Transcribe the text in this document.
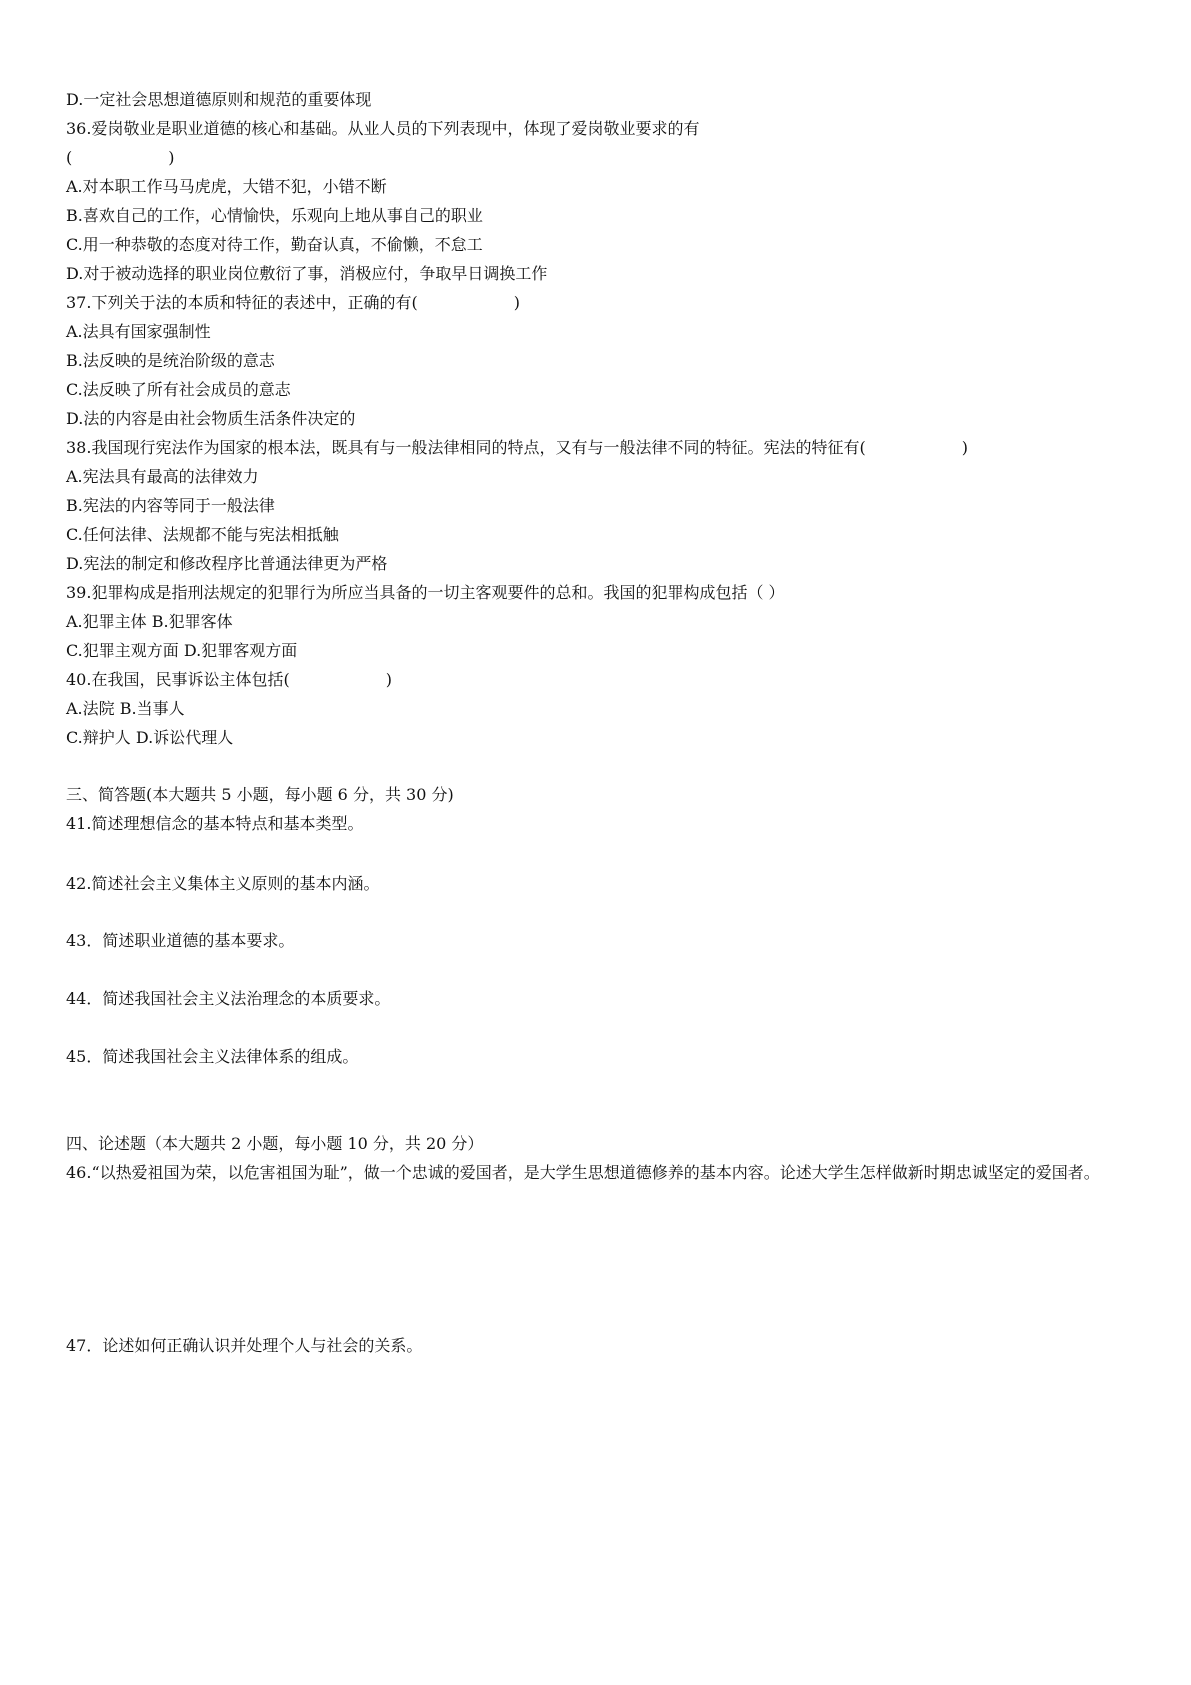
D.一定社会思想道德原则和规范的重要体现
36.爱岗敬业是职业道德的核心和基础。从业人员的下列表现中，体现了爱岗敬业要求的有
(　　　　　　)
A.对本职工作马马虎虎，大错不犯，小错不断
B.喜欢自己的工作，心情愉快，乐观向上地从事自己的职业
C.用一种恭敬的态度对待工作，勤奋认真，不偷懒，不怠工
D.对于被动选择的职业岗位敷衍了事，消极应付，争取早日调换工作
37.下列关于法的本质和特征的表述中，正确的有(　　　　　　)
A.法具有国家强制性
B.法反映的是统治阶级的意志
C.法反映了所有社会成员的意志
D.法的内容是由社会物质生活条件决定的
38.我国现行宪法作为国家的根本法，既具有与一般法律相同的特点，又有与一般法律不同的特征。宪法的特征有(　　　　　　)
A.宪法具有最高的法律效力
B.宪法的内容等同于一般法律
C.任何法律、法规都不能与宪法相抵触
D.宪法的制定和修改程序比普通法律更为严格
39.犯罪构成是指刑法规定的犯罪行为所应当具备的一切主客观要件的总和。我国的犯罪构成包括（ ）
A.犯罪主体 B.犯罪客体
C.犯罪主观方面 D.犯罪客观方面
40.在我国，民事诉讼主体包括(　　　　　　)
A.法院 B.当事人
C.辩护人 D.诉讼代理人
三、简答题(本大题共 5 小题，每小题 6 分，共 30 分)
41.简述理想信念的基本特点和基本类型。
42.简述社会主义集体主义原则的基本内涵。
43．简述职业道德的基本要求。
44．简述我国社会主义法治理念的本质要求。
45．简述我国社会主义法律体系的组成。
四、论述题（本大题共 2 小题，每小题 10 分，共 20 分）
46.“以热爱祖国为荣，以危害祖国为耻”，做一个忠诚的爱国者，是大学生思想道德修养的基本内容。论述大学生怎样做新时期忠诚坚定的爱国者。
47．论述如何正确认识并处理个人与社会的关系。
